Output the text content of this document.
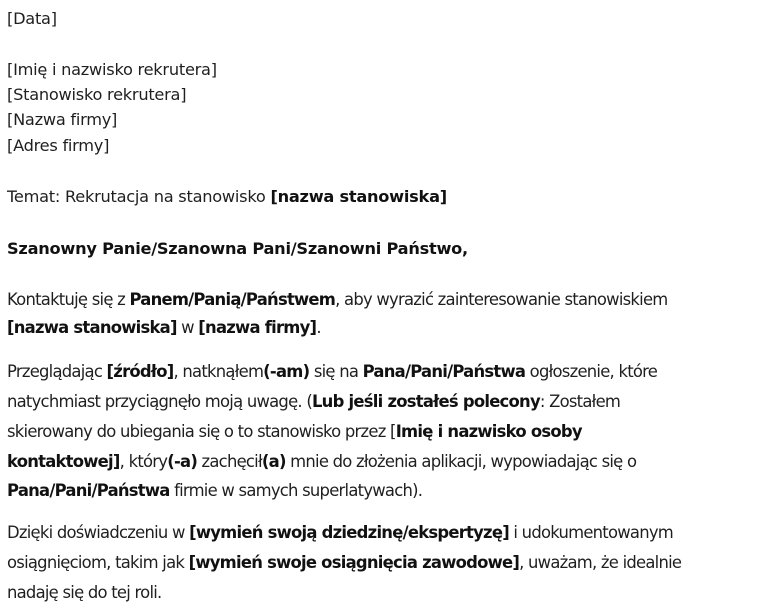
[Data]
[Imię i nazwisko rekrutera]
[Stanowisko rekrutera]
[Nazwa firmy]
[Adres firmy]
Temat: Rekrutacja na stanowisko [nazwa stanowiska]
Szanowny Panie/Szanowna Pani/Szanowni Państwo,
Kontaktuję się z Panem/Panią/Państwem, aby wyrazić zainteresowanie stanowiskiem
[nazwa stanowiska] w [nazwa firmy].
Przeglądając [źródło], natknąłem(-am) się na Pana/Pani/Państwa ogłoszenie, które
natychmiast przyciągnęło moją uwagę. (Lub jeśli zostałeś polecony: Zostałem
skierowany do ubiegania się o to stanowisko przez [Imię i nazwisko osoby
kontaktowej], który(-a) zachęcił(a) mnie do złożenia aplikacji, wypowiadając się o
Pana/Pani/Państwa firmie w samych superlatywach).
Dzięki doświadczeniu w [wymień swoją dziedzinę/ekspertyzę] i udokumentowanym
osiągnięciom, takim jak [wymień swoje osiągnięcia zawodowe], uważam, że idealnie
nadaję się do tej roli.
